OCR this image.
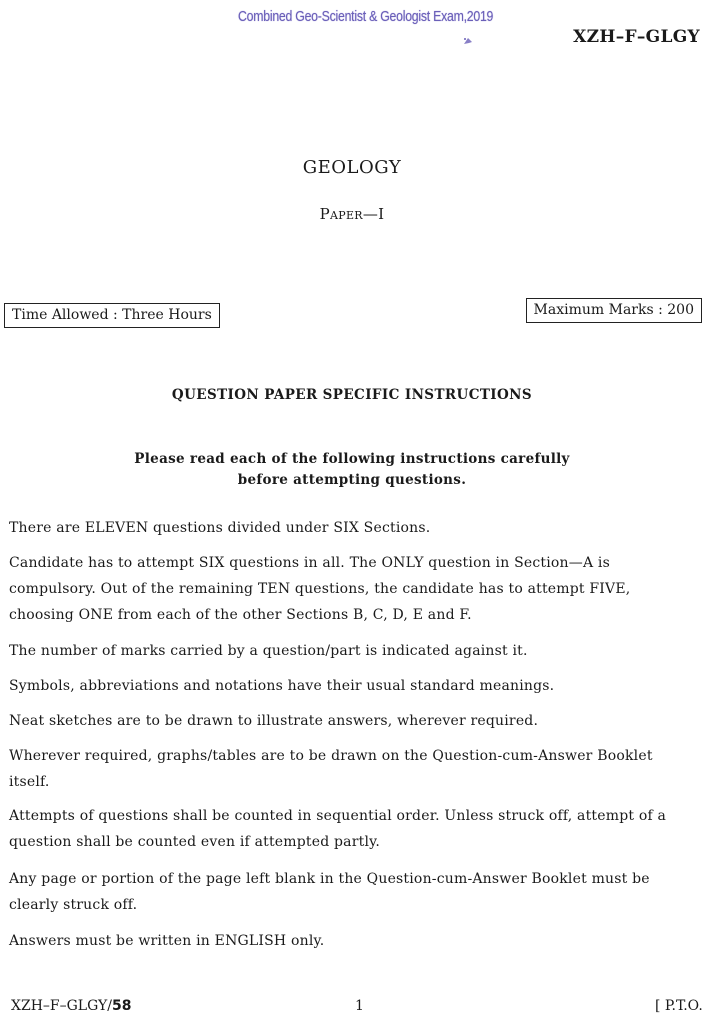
Combined Geo-Scientist & Geologist Exam,2019
XZH–F–GLGY
GEOLOGY
Paper—I
Time Allowed : Three Hours	Maximum Marks : 200
QUESTION PAPER SPECIFIC INSTRUCTIONS
Please read each of the following instructions carefully
before attempting questions.
There are ELEVEN questions divided under SIX Sections.
Candidate has to attempt SIX questions in all. The ONLY question in Section—A is
compulsory. Out of the remaining TEN questions, the candidate has to attempt FIVE,
choosing ONE from each of the other Sections B, C, D, E and F.
The number of marks carried by a question/part is indicated against it.
Symbols, abbreviations and notations have their usual standard meanings.
Neat sketches are to be drawn to illustrate answers, wherever required.
Wherever required, graphs/tables are to be drawn on the Question-cum-Answer Booklet
itself.
Attempts of questions shall be counted in sequential order. Unless struck off, attempt of a
question shall be counted even if attempted partly.
Any page or portion of the page left blank in the Question-cum-Answer Booklet must be
clearly struck off.
Answers must be written in ENGLISH only.
XZH–F–GLGY/58	1	[ P.T.O.
